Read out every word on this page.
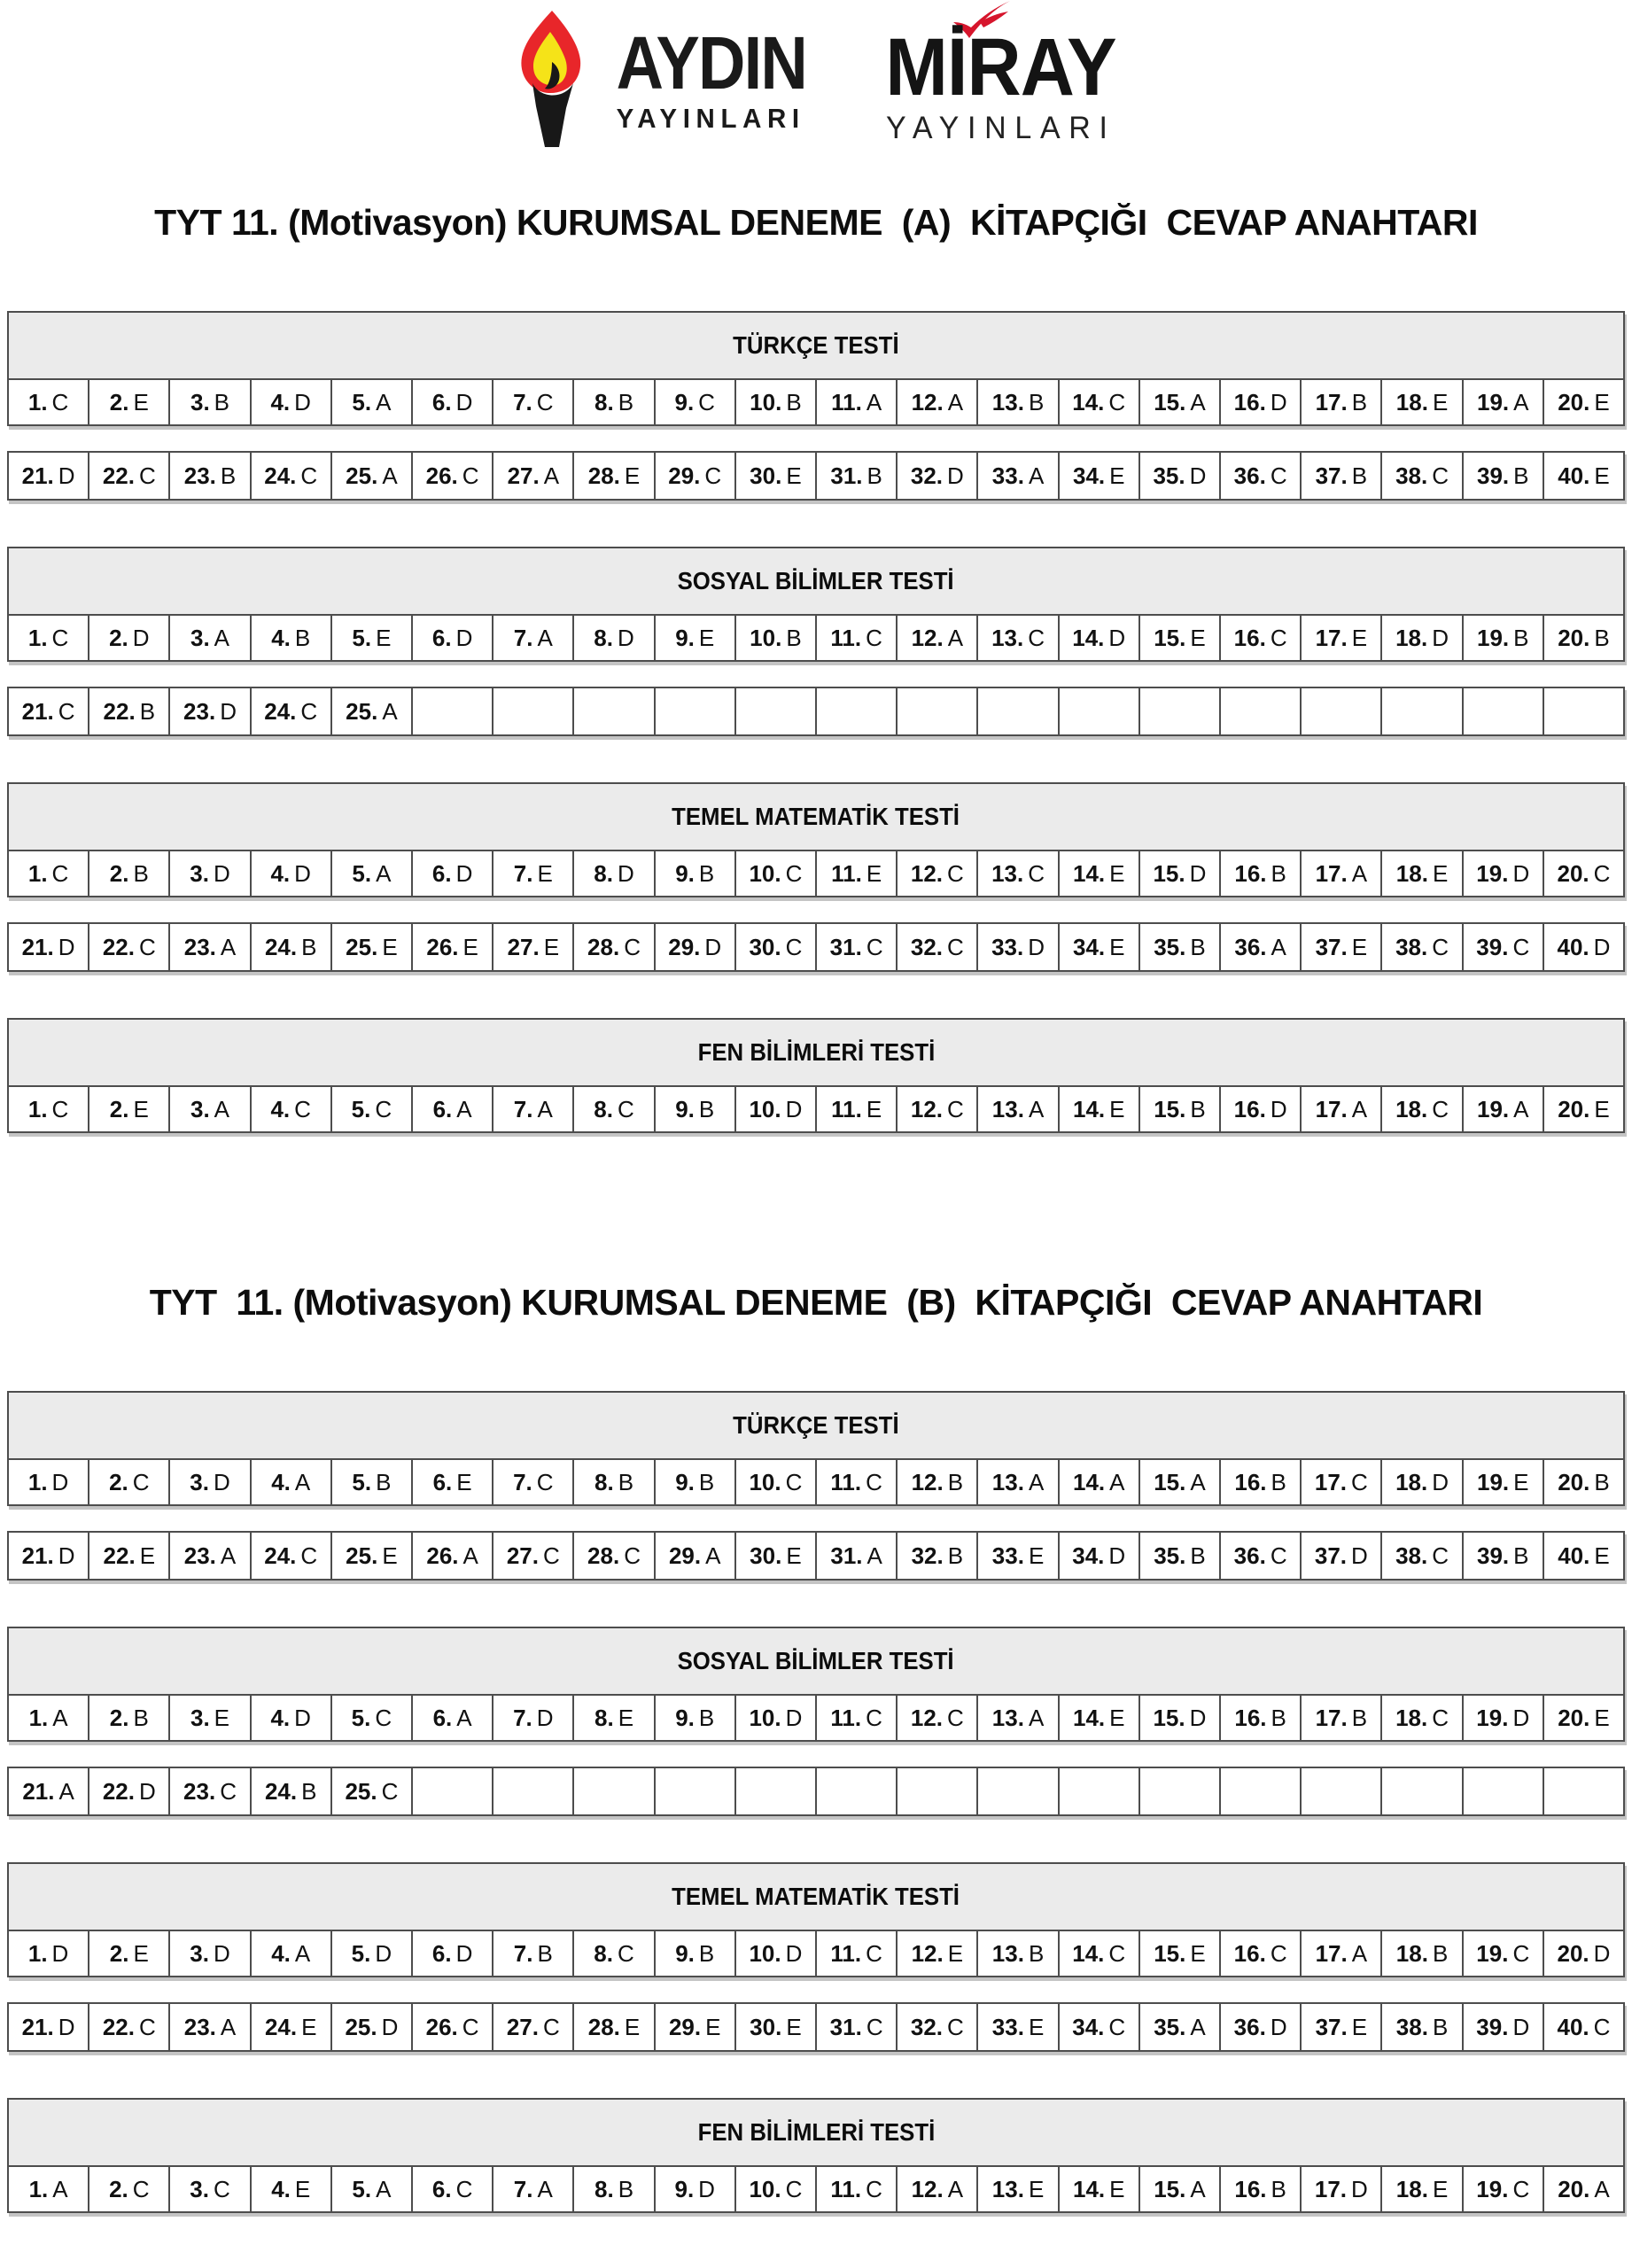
AYDIN
YAYINLARI
MİRAY
YAYINLARI
TYT 11. (Motivasyon) KURUMSAL DENEME  (A)  KİTAPÇIĞI  CEVAP ANAHTARI
TÜRKÇE TESTİ
1. C 2. E 3. B 4. D 5. A 6. D 7. C 8. B 9. C 10. B 11. A 12. A 13. B 14. C 15. A 16. D 17. B 18. E 19. A 20. E
21. D 22. C 23. B 24. C 25. A 26. C 27. A 28. E 29. C 30. E 31. B 32. D 33. A 34. E 35. D 36. C 37. B 38. C 39. B 40. E
SOSYAL BİLİMLER TESTİ
1. C 2. D 3. A 4. B 5. E 6. D 7. A 8. D 9. E 10. B 11. C 12. A 13. C 14. D 15. E 16. C 17. E 18. D 19. B 20. B
21. C 22. B 23. D 24. C 25. A
TEMEL MATEMATİK TESTİ
1. C 2. B 3. D 4. D 5. A 6. D 7. E 8. D 9. B 10. C 11. E 12. C 13. C 14. E 15. D 16. B 17. A 18. E 19. D 20. C
21. D 22. C 23. A 24. B 25. E 26. E 27. E 28. C 29. D 30. C 31. C 32. C 33. D 34. E 35. B 36. A 37. E 38. C 39. C 40. D
FEN BİLİMLERİ TESTİ
1. C 2. E 3. A 4. C 5. C 6. A 7. A 8. C 9. B 10. D 11. E 12. C 13. A 14. E 15. B 16. D 17. A 18. C 19. A 20. E
TYT  11. (Motivasyon) KURUMSAL DENEME  (B)  KİTAPÇIĞI  CEVAP ANAHTARI
TÜRKÇE TESTİ
1. D 2. C 3. D 4. A 5. B 6. E 7. C 8. B 9. B 10. C 11. C 12. B 13. A 14. A 15. A 16. B 17. C 18. D 19. E 20. B
21. D 22. E 23. A 24. C 25. E 26. A 27. C 28. C 29. A 30. E 31. A 32. B 33. E 34. D 35. B 36. C 37. D 38. C 39. B 40. E
SOSYAL BİLİMLER TESTİ
1. A 2. B 3. E 4. D 5. C 6. A 7. D 8. E 9. B 10. D 11. C 12. C 13. A 14. E 15. D 16. B 17. B 18. C 19. D 20. E
21. A 22. D 23. C 24. B 25. C
TEMEL MATEMATİK TESTİ
1. D 2. E 3. D 4. A 5. D 6. D 7. B 8. C 9. B 10. D 11. C 12. E 13. B 14. C 15. E 16. C 17. A 18. B 19. C 20. D
21. D 22. C 23. A 24. E 25. D 26. C 27. C 28. E 29. E 30. E 31. C 32. C 33. E 34. C 35. A 36. D 37. E 38. B 39. D 40. C
FEN BİLİMLERİ TESTİ
1. A 2. C 3. C 4. E 5. A 6. C 7. A 8. B 9. D 10. C 11. C 12. A 13. E 14. E 15. A 16. B 17. D 18. E 19. C 20. A
